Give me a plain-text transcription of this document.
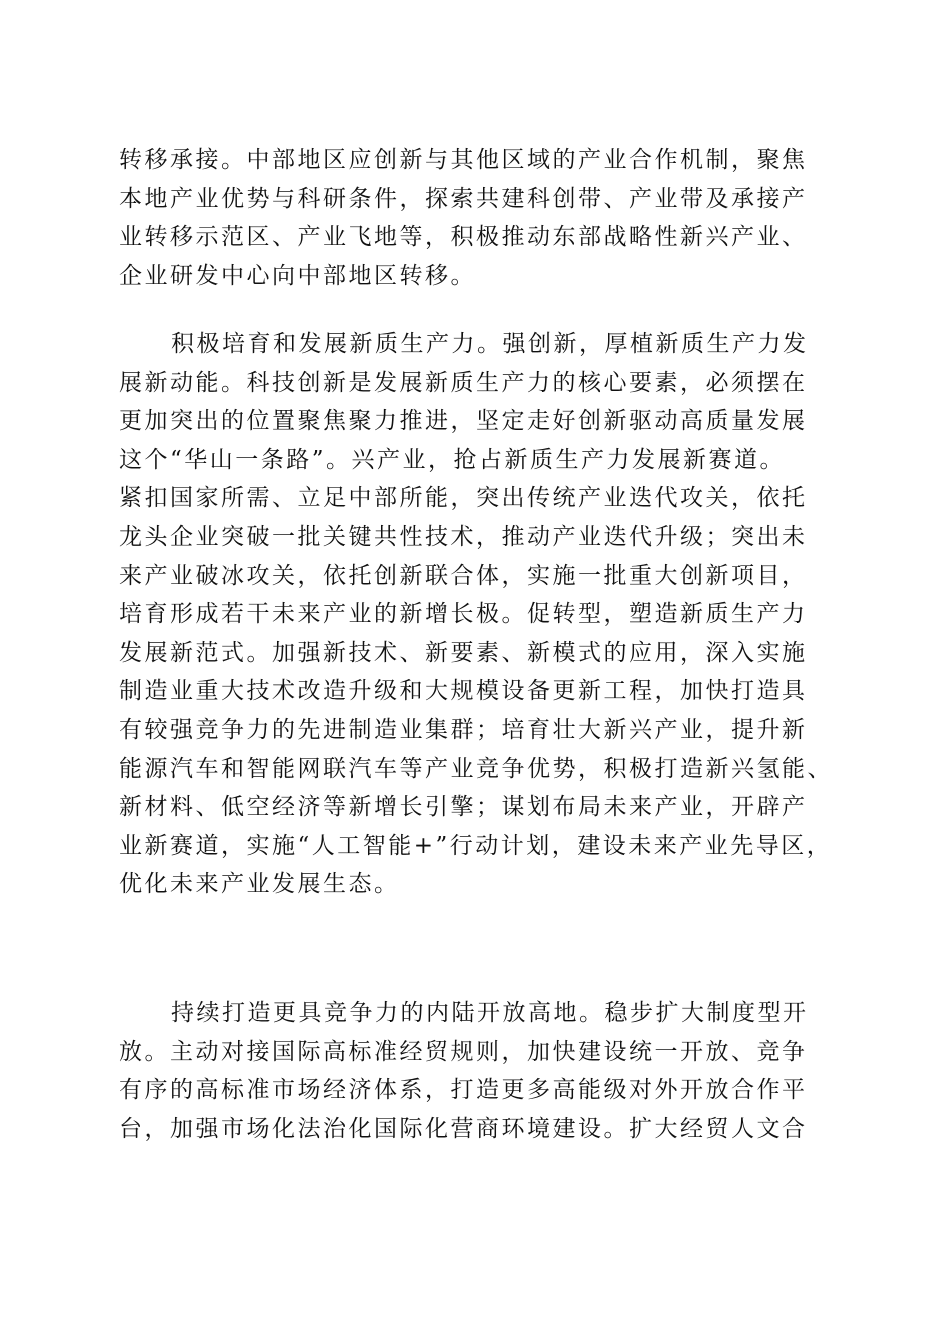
转移承接。中部地区应创新与其他区域的产业合作机制，聚焦
本地产业优势与科研条件，探索共建科创带、产业带及承接产
业转移示范区、产业飞地等，积极推动东部战略性新兴产业、
企业研发中心向中部地区转移。
积极培育和发展新质生产力。强创新，厚植新质生产力发
展新动能。科技创新是发展新质生产力的核心要素，必须摆在
更加突出的位置聚焦聚力推进，坚定走好创新驱动高质量发展
这个“华山一条路”。兴产业，抢占新质生产力发展新赛道。
紧扣国家所需、立足中部所能，突出传统产业迭代攻关，依托
龙头企业突破一批关键共性技术，推动产业迭代升级；突出未
来产业破冰攻关，依托创新联合体，实施一批重大创新项目，
培育形成若干未来产业的新增长极。促转型，塑造新质生产力
发展新范式。加强新技术、新要素、新模式的应用，深入实施
制造业重大技术改造升级和大规模设备更新工程，加快打造具
有较强竞争力的先进制造业集群；培育壮大新兴产业，提升新
能源汽车和智能网联汽车等产业竞争优势，积极打造新兴氢能、
新材料、低空经济等新增长引擎；谋划布局未来产业，开辟产
业新赛道，实施“人工智能+”行动计划，建设未来产业先导区，
优化未来产业发展生态。
持续打造更具竞争力的内陆开放高地。稳步扩大制度型开
放。主动对接国际高标准经贸规则，加快建设统一开放、竞争
有序的高标准市场经济体系，打造更多高能级对外开放合作平
台，加强市场化法治化国际化营商环境建设。扩大经贸人文合
